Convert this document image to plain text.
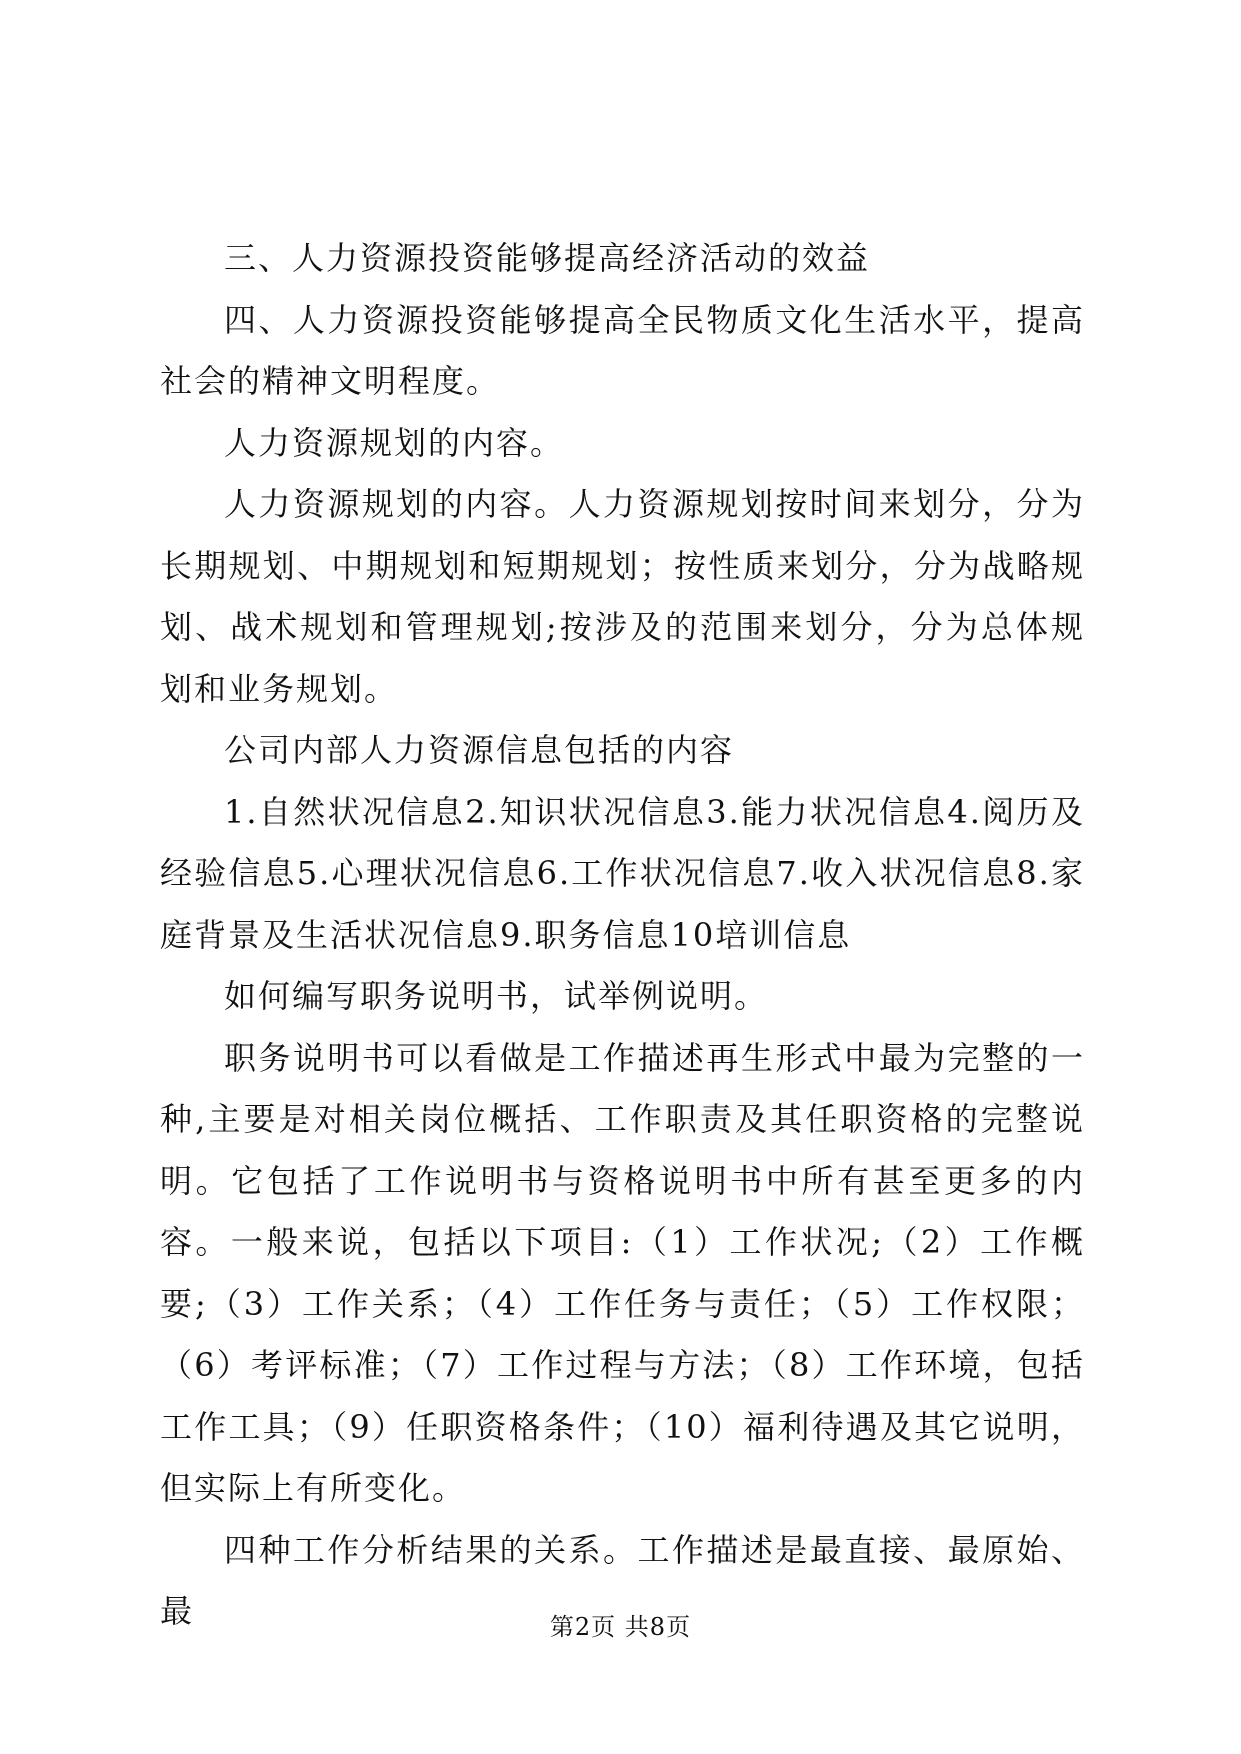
三、人力资源投资能够提高经济活动的效益

四、人力资源投资能够提高全民物质文化生活水平，提高社会的精神文明程度。

人力资源规划的内容。

人力资源规划的内容。人力资源规划按时间来划分，分为长期规划、中期规划和短期规划；按性质来划分，分为战略规划、战术规划和管理规划;按涉及的范围来划分，分为总体规划和业务规划。

公司内部人力资源信息包括的内容

1.自然状况信息2.知识状况信息3.能力状况信息4.阅历及经验信息5.心理状况信息6.工作状况信息7.收入状况信息8.家庭背景及生活状况信息9.职务信息10培训信息

如何编写职务说明书，试举例说明。

职务说明书可以看做是工作描述再生形式中最为完整的一种,主要是对相关岗位概括、工作职责及其任职资格的完整说明。它包括了工作说明书与资格说明书中所有甚至更多的内容。一般来说，包括以下项目:（1）工作状况;（2）工作概要;（3）工作关系；（4）工作任务与责任；（5）工作权限；（6）考评标准；（7）工作过程与方法；（8）工作环境，包括工作工具；（9）任职资格条件；（10）福利待遇及其它说明，但实际上有所变化。

四种工作分析结果的关系。工作描述是最直接、最原始、最	第2页 共8页
